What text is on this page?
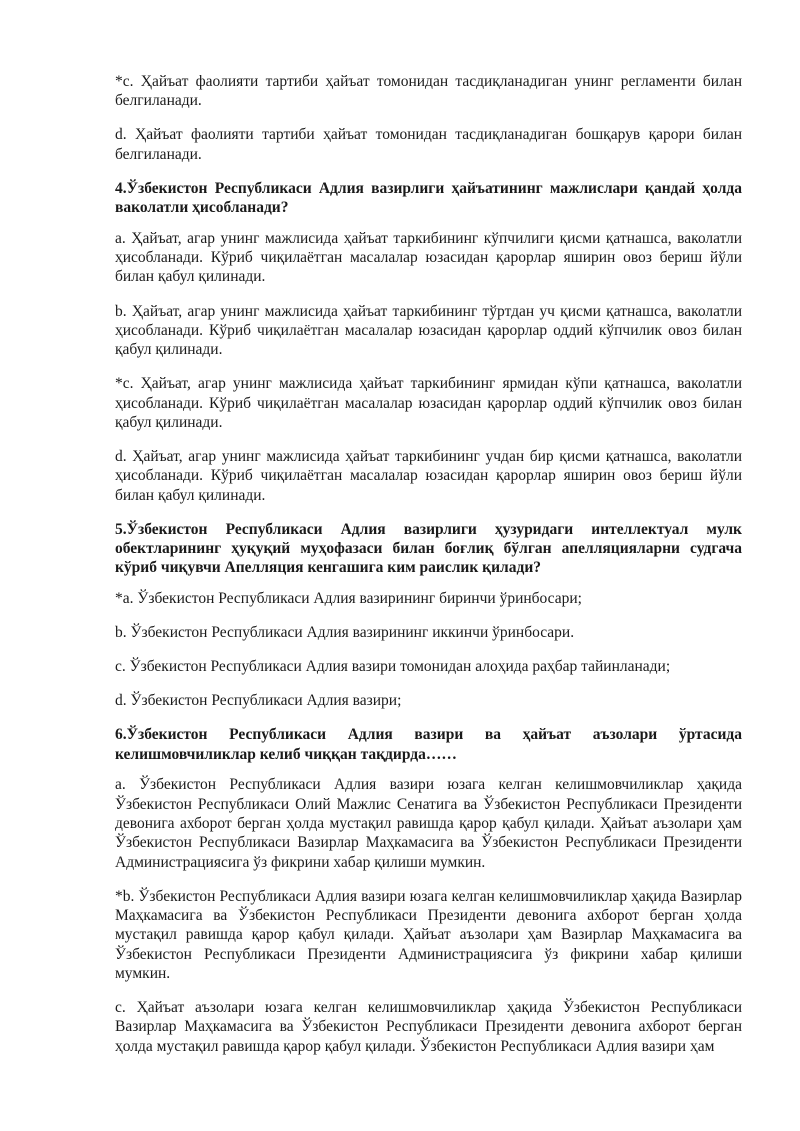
*c. Ҳайъат фаолияти тартиби ҳайъат томонидан тасдиқланадиган унинг регламенти билан белгиланади.

d. Ҳайъат фаолияти тартиби ҳайъат томонидан тасдиқланадиган бошқарув қарори билан белгиланади.

4.Ўзбекистон Республикаси Адлия вазирлиги ҳайъатининг мажлислари қандай ҳолда ваколатли ҳисобланади?

a. Ҳайъат, агар унинг мажлисида ҳайъат таркибининг кўпчилиги қисми қатнашса, ваколатли ҳисобланади. Кўриб чиқилаётган масалалар юзасидан қарорлар яширин овоз бериш йўли билан қабул қилинади.

b. Ҳайъат, агар унинг мажлисида ҳайъат таркибининг тўртдан уч қисми қатнашса, ваколатли ҳисобланади. Кўриб чиқилаётган масалалар юзасидан қарорлар оддий кўпчилик овоз билан қабул қилинади.

*c. Ҳайъат, агар унинг мажлисида ҳайъат таркибининг ярмидан кўпи қатнашса, ваколатли ҳисобланади. Кўриб чиқилаётган масалалар юзасидан қарорлар оддий кўпчилик овоз билан қабул қилинади.

d. Ҳайъат, агар унинг мажлисида ҳайъат таркибининг учдан бир қисми қатнашса, ваколатли ҳисобланади. Кўриб чиқилаётган масалалар юзасидан қарорлар яширин овоз бериш йўли билан қабул қилинади.

5.Ўзбекистон Республикаси Адлия вазирлиги ҳузуридаги интеллектуал мулк обектларининг ҳуқуқий муҳофазаси билан боғлиқ бўлган апелляцияларни судгача кўриб чиқувчи Апелляция кенгашига ким раислик қилади?

*a. Ўзбекистон Республикаси Адлия вазирининг биринчи ўринбосари;

b. Ўзбекистон Республикаси Адлия вазирининг иккинчи ўринбосари.

c. Ўзбекистон Республикаси Адлия вазири томонидан алоҳида раҳбар тайинланади;

d. Ўзбекистон Республикаси Адлия вазири;

6.Ўзбекистон Республикаси Адлия вазири ва ҳайъат аъзолари ўртасида келишмовчиликлар келиб чиққан тақдирда……

a. Ўзбекистон Республикаси Адлия вазири юзага келган келишмовчиликлар ҳақида Ўзбекистон Республикаси Олий Мажлис Сенатига ва Ўзбекистон Республикаси Президенти девонига ахборот берган ҳолда мустақил равишда қарор қабул қилади. Ҳайъат аъзолари ҳам Ўзбекистон Республикаси Вазирлар Маҳкамасига ва Ўзбекистон Республикаси Президенти Администрациясига ўз фикрини хабар қилиши мумкин.

*b. Ўзбекистон Республикаси Адлия вазири юзага келган келишмовчиликлар ҳақида Вазирлар Маҳкамасига ва Ўзбекистон Республикаси Президенти девонига ахборот берган ҳолда мустақил равишда қарор қабул қилади. Ҳайъат аъзолари ҳам Вазирлар Маҳкамасига ва Ўзбекистон Республикаси Президенти Администрациясига ўз фикрини хабар қилиши мумкин.

c. Ҳайъат аъзолари юзага келган келишмовчиликлар ҳақида Ўзбекистон Республикаси Вазирлар Маҳкамасига ва Ўзбекистон Республикаси Президенти девонига ахборот берган ҳолда мустақил равишда қарор қабул қилади. Ўзбекистон Республикаси Адлия вазири ҳам
